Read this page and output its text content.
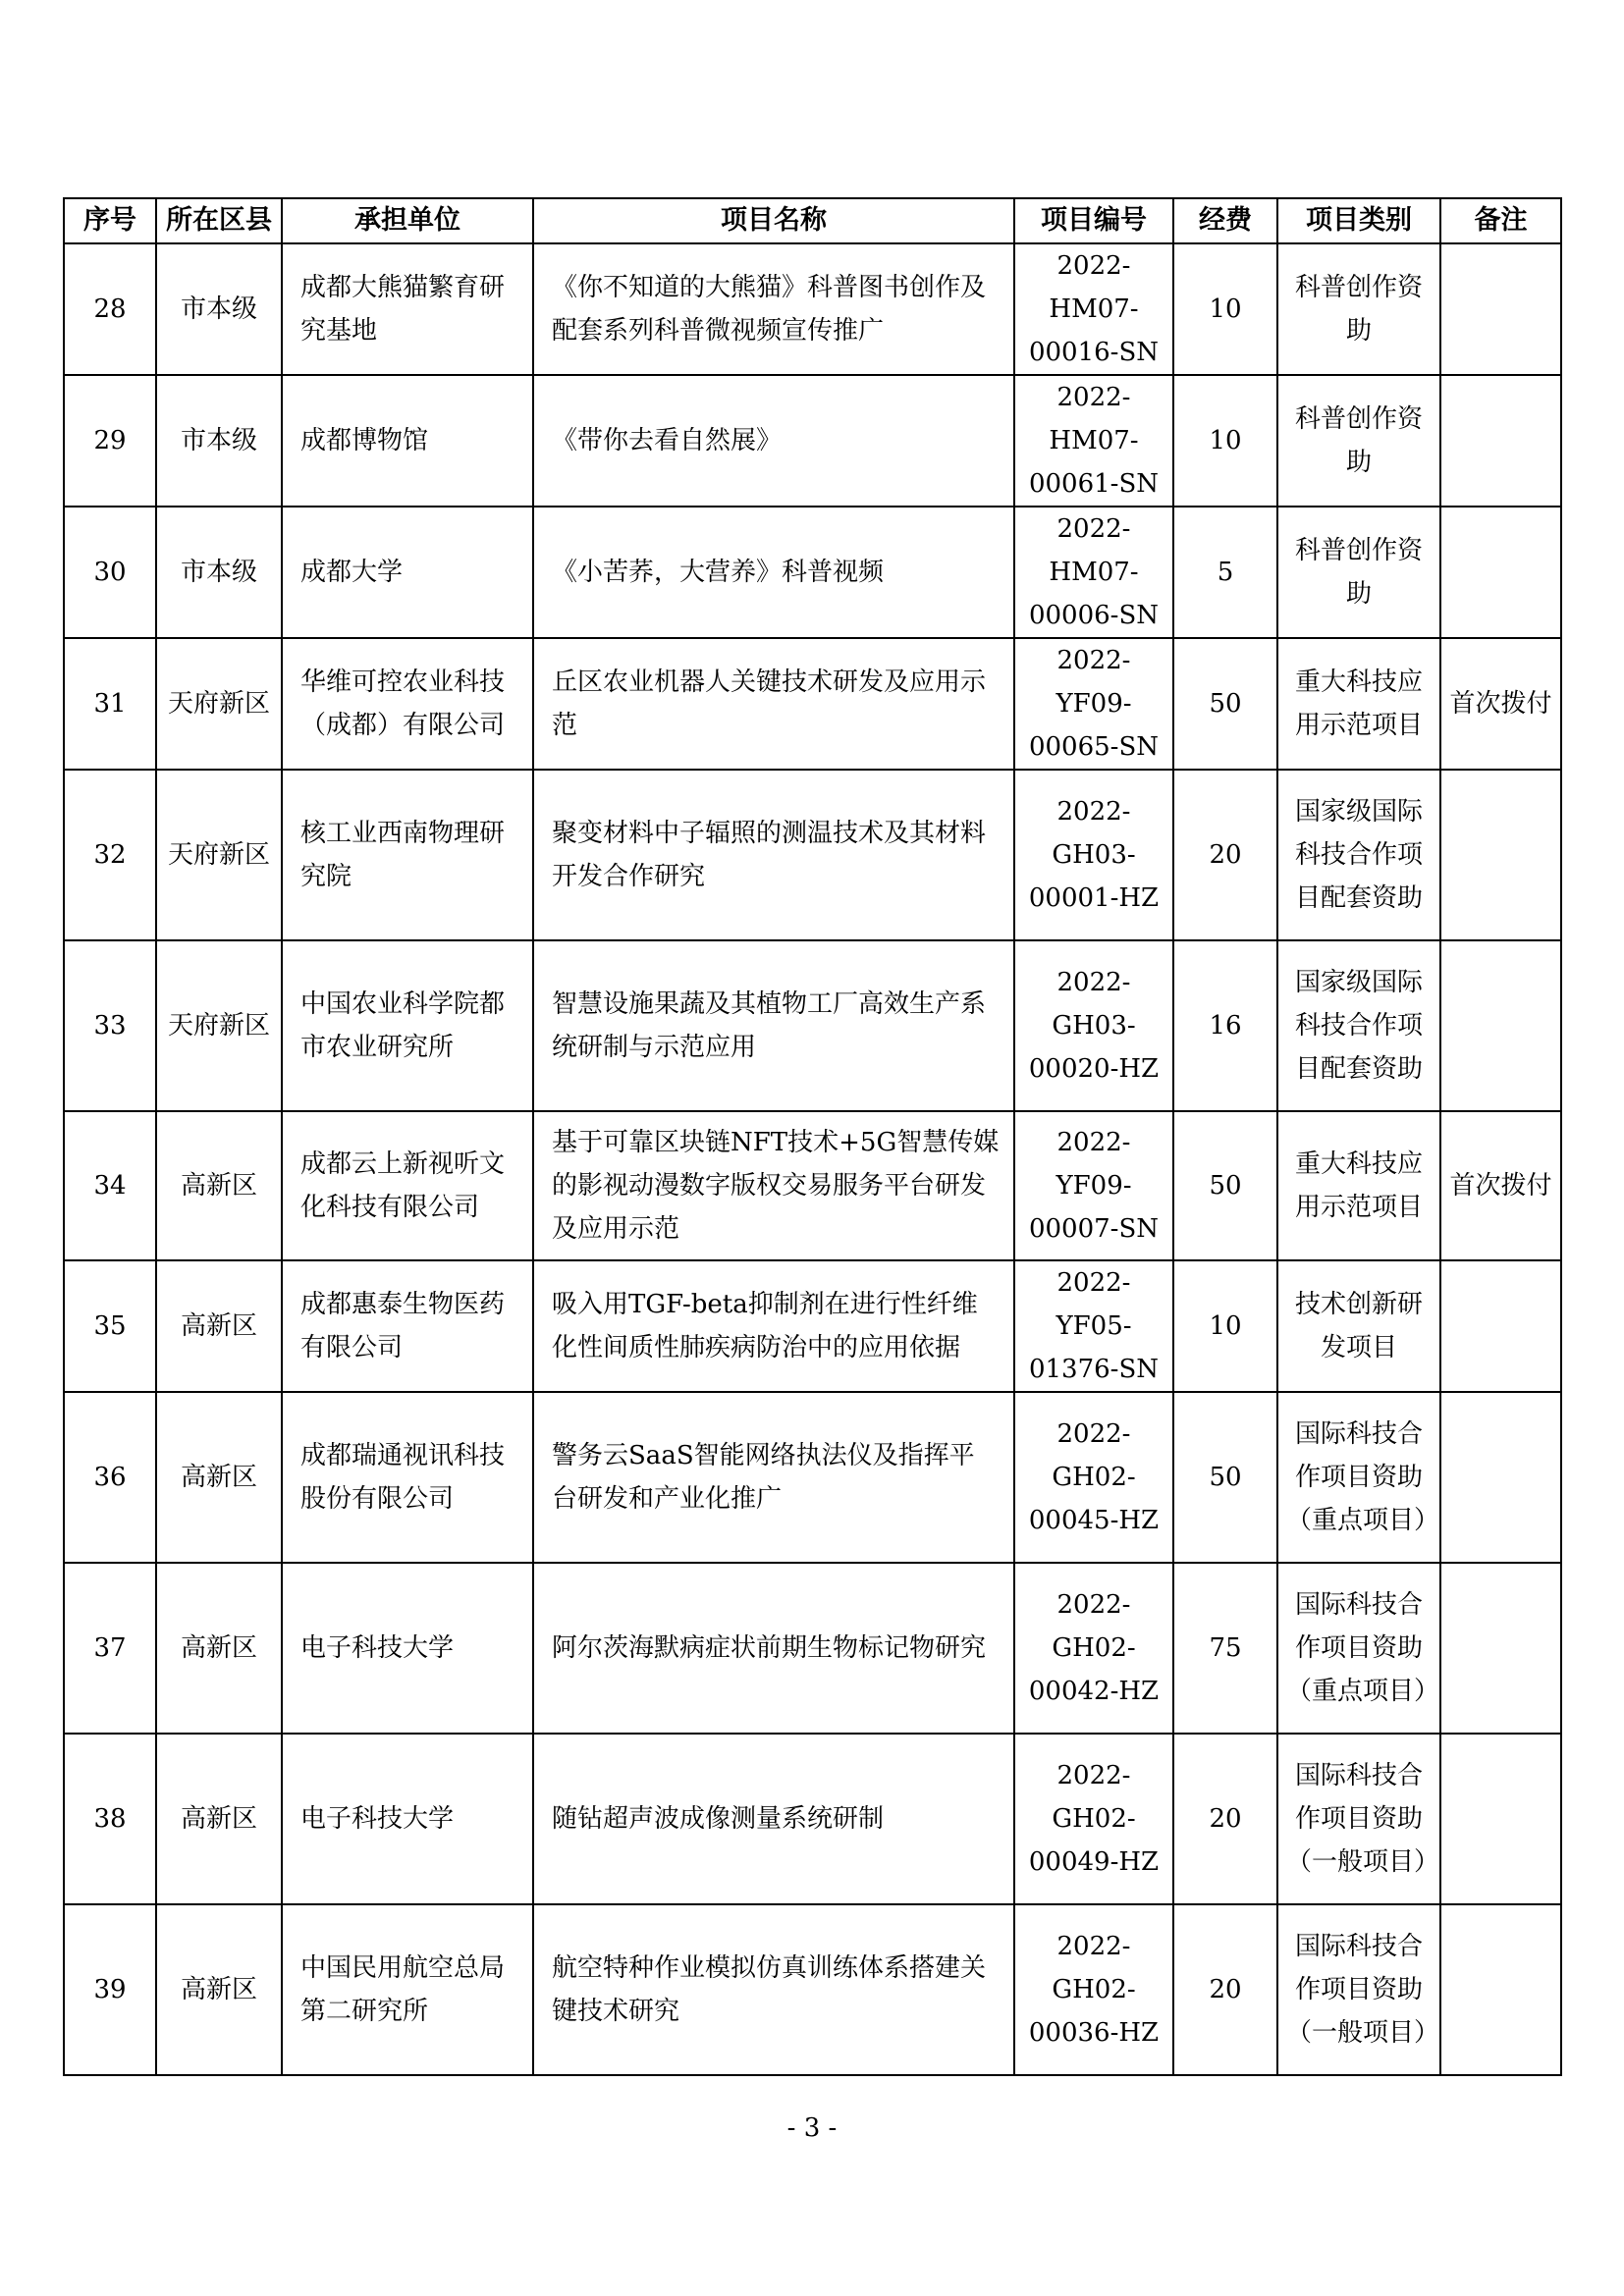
序号	所在区县	承担单位	项目名称	项目编号	经费	项目类别	备注
28	市本级	成都大熊猫繁育研究基地	《你不知道的大熊猫》科普图书创作及配套系列科普微视频宣传推广	2022-HM07-00016-SN	10	科普创作资助	
29	市本级	成都博物馆	《带你去看自然展》	2022-HM07-00061-SN	10	科普创作资助	
30	市本级	成都大学	《小苦荞，大营养》科普视频	2022-HM07-00006-SN	5	科普创作资助	
31	天府新区	华维可控农业科技（成都）有限公司	丘区农业机器人关键技术研发及应用示范	2022-YF09-00065-SN	50	重大科技应用示范项目	首次拨付
32	天府新区	核工业西南物理研究院	聚变材料中子辐照的测温技术及其材料开发合作研究	2022-GH03-00001-HZ	20	国家级国际科技合作项目配套资助	
33	天府新区	中国农业科学院都市农业研究所	智慧设施果蔬及其植物工厂高效生产系统研制与示范应用	2022-GH03-00020-HZ	16	国家级国际科技合作项目配套资助	
34	高新区	成都云上新视听文化科技有限公司	基于可靠区块链NFT技术+5G智慧传媒的影视动漫数字版权交易服务平台研发及应用示范	2022-YF09-00007-SN	50	重大科技应用示范项目	首次拨付
35	高新区	成都惠泰生物医药有限公司	吸入用TGF-beta抑制剂在进行性纤维化性间质性肺疾病防治中的应用依据	2022-YF05-01376-SN	10	技术创新研发项目	
36	高新区	成都瑞通视讯科技股份有限公司	警务云SaaS智能网络执法仪及指挥平台研发和产业化推广	2022-GH02-00045-HZ	50	国际科技合作项目资助（重点项目）	
37	高新区	电子科技大学	阿尔茨海默病症状前期生物标记物研究	2022-GH02-00042-HZ	75	国际科技合作项目资助（重点项目）	
38	高新区	电子科技大学	随钻超声波成像测量系统研制	2022-GH02-00049-HZ	20	国际科技合作项目资助（一般项目）	
39	高新区	中国民用航空总局第二研究所	航空特种作业模拟仿真训练体系搭建关键技术研究	2022-GH02-00036-HZ	20	国际科技合作项目资助（一般项目）	
- 3 -
